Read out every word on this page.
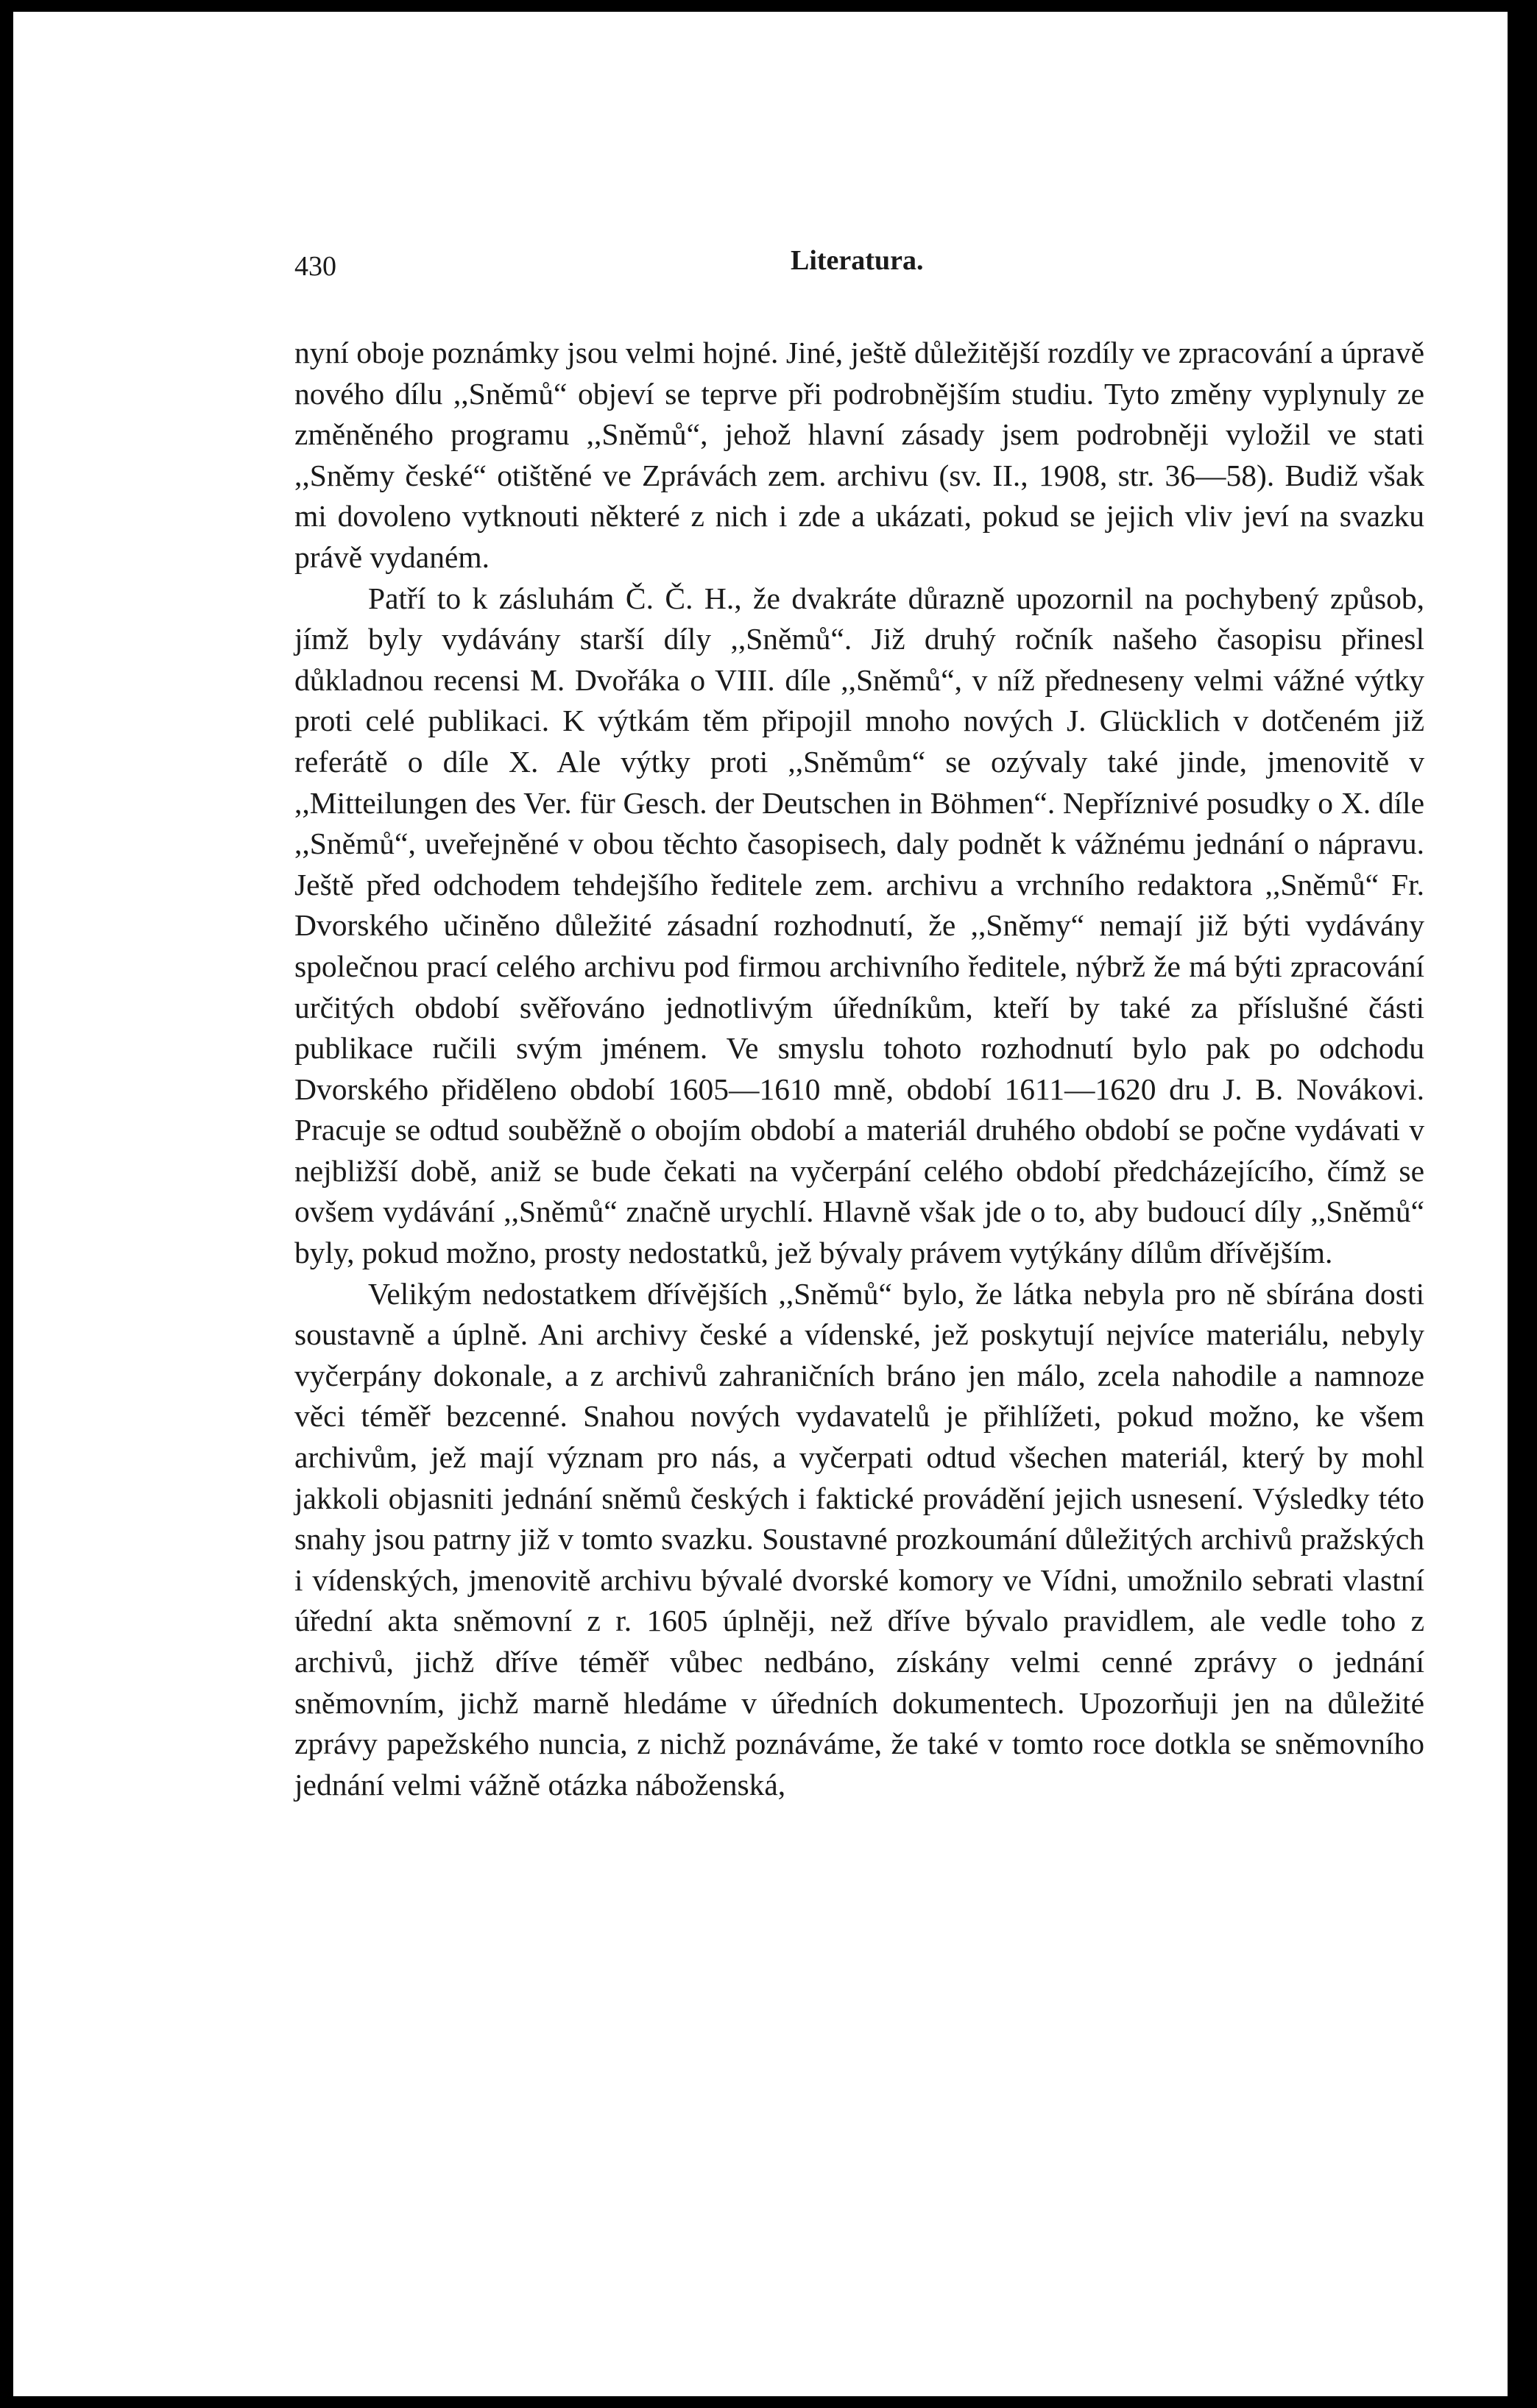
430	Literatura.

nyní oboje poznámky jsou velmi hojné. Jiné, ještě důležitější rozdíly ve zpracování a úpravě nového dílu ,,Sněmů“ objeví se teprve při podrobnějším studiu. Tyto změny vyplynuly ze změněného programu ,,Sněmů“, jehož hlavní zásady jsem podrobněji vyložil ve stati ,,Sněmy české“ otištěné ve Zprávách zem. archivu (sv. II., 1908, str. 36—58). Budiž však mi dovoleno vytknouti některé z nich i zde a ukázati, pokud se jejich vliv jeví na svazku právě vydaném.

Patří to k zásluhám Č. Č. H., že dvakráte důrazně upozornil na pochybený způsob, jímž byly vydávány starší díly ,,Sněmů“. Již druhý ročník našeho časopisu přinesl důkladnou recensi M. Dvořáka o VIII. díle ,,Sněmů“, v níž předneseny velmi vážné výtky proti celé publikaci. K výtkám těm připojil mnoho nových J. Glücklich v dotčeném již referátě o díle X. Ale výtky proti ,,Sněmům“ se ozývaly také jinde, jmenovitě v ,,Mitteilungen des Ver. für Gesch. der Deutschen in Böhmen“. Nepříznivé posudky o X. díle ,,Sněmů“, uveřejněné v obou těchto časopisech, daly podnět k vážnému jednání o nápravu. Ještě před odchodem tehdejšího ředitele zem. archivu a vrchního redaktora ,,Sněmů“ Fr. Dvorského učiněno důležité zásadní rozhodnutí, že ,,Sněmy“ nemají již býti vydávány společnou prací celého archivu pod firmou archivního ředitele, nýbrž že má býti zpracování určitých období svěřováno jednotlivým úředníkům, kteří by také za příslušné části publikace ručili svým jménem. Ve smyslu tohoto rozhodnutí bylo pak po odchodu Dvorského přiděleno období 1605—1610 mně, období 1611—1620 dru J. B. Novákovi. Pracuje se odtud souběžně o obojím období a materiál druhého období se počne vydávati v nejbližší době, aniž se bude čekati na vyčerpání celého období předcházejícího, čímž se ovšem vydávání ,,Sněmů“ značně urychlí. Hlavně však jde o to, aby budoucí díly ,,Sněmů“ byly, pokud možno, prosty nedostatků, jež bývaly právem vytýkány dílům dřívějším.

Velikým nedostatkem dřívějších ,,Sněmů“ bylo, že látka nebyla pro ně sbírána dosti soustavně a úplně. Ani archivy české a vídenské, jež poskytují nejvíce materiálu, nebyly vyčerpány dokonale, a z archivů zahraničních bráno jen málo, zcela nahodile a namnoze věci téměř bezcenné. Snahou nových vydavatelů je přihlížeti, pokud možno, ke všem archivům, jež mají význam pro nás, a vyčerpati odtud všechen materiál, který by mohl jakkoli objasniti jednání sněmů českých i faktické provádění jejich usnesení. Výsledky této snahy jsou patrny již v tomto svazku. Soustavné prozkoumání důležitých archivů pražských i vídenských, jmenovitě archivu bývalé dvorské komory ve Vídni, umožnilo sebrati vlastní úřední akta sněmovní z r. 1605 úplněji, než dříve bývalo pravidlem, ale vedle toho z archivů, jichž dříve téměř vůbec nedbáno, získány velmi cenné zprávy o jednání sněmovním, jichž marně hledáme v úředních dokumentech. Upozorňuji jen na důležité zprávy papežského nuncia, z nichž poznáváme, že také v tomto roce dotkla se sněmovního jednání velmi vážně otázka náboženská,
